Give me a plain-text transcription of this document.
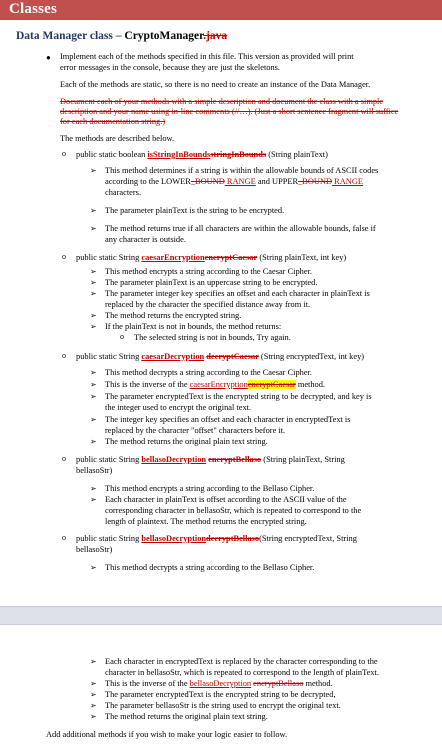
Classes
Data Manager class – CryptoManager.java
● Implement each of the methods specified in this file. This version as provided will print
error messages in the console, because they are just the skeletons.
Each of the methods are static, so there is no need to create an instance of the Data Manager.
Document each of your methods with a simple description and document the class with a simple
description and your name using in-line comments (//…). (Just a short sentence fragment will suffice
for each documentation string.)
The methods are described below.
o public static boolean isStringInBoundsstringInBounds (String plainText)
➢ This method determines if a string is within the allowable bounds of ASCII codes
according to the LOWER_BOUND RANGE and UPPER_BOUND RANGE
characters.
➢ The parameter plainText is the string to be encrypted.
➢ The method returns true if all characters are within the allowable bounds, false if
any character is outside.
o public static String caesarEncryptionencryptCaesar (String plainText, int key)
➢ This method encrypts a string according to the Caesar Cipher.
➢ The parameter plainText is an uppercase string to be encrypted.
➢ The parameter integer key specifies an offset and each character in plainText is
replaced by the character the specified distance away from it.
➢ The method returns the encrypted string.
➢ If the plainText is not in bounds, the method returns:
o The selected string is not in bounds, Try again.
o public static String caesarDecryption decryptCaesar (String encryptedText, int key)
➢ This method decrypts a string according to the Caesar Cipher.
➢ This is the inverse of the caesarEncryptionencryptCaesar method.
➢ The parameter encryptedText is the encrypted string to be decrypted, and key is
the integer used to encrypt the original text.
➢ The integer key specifies an offset and each character in encryptedText is
replaced by the character "offset" characters before it.
➢ The method returns the original plain text string.
o public static String bellasoDecryption encryptBellaso (String plainText, String
bellasoStr)
➢ This method encrypts a string according to the Bellaso Cipher.
➢ Each character in plainText is offset according to the ASCII value of the
corresponding character in bellasoStr, which is repeated to correspond to the
length of plaintext. The method returns the encrypted string.
o public static String bellasoDecryptiondecryptBellaso(String encryptedText, String
bellasoStr)
➢ This method decrypts a string according to the Bellaso Cipher.
➢ Each character in encryptedText is replaced by the character corresponding to the
character in bellasoStr, which is repeated to correspond to the length of plainText.
➢ This is the inverse of the bellasoDecryption encryptBellaso method.
➢ The parameter encryptedText is the encrypted string to be decrypted,
➢ The parameter bellasoStr is the string used to encrypt the original text.
➢ The method returns the original plain text string.
Add additional methods if you wish to make your logic easier to follow.
